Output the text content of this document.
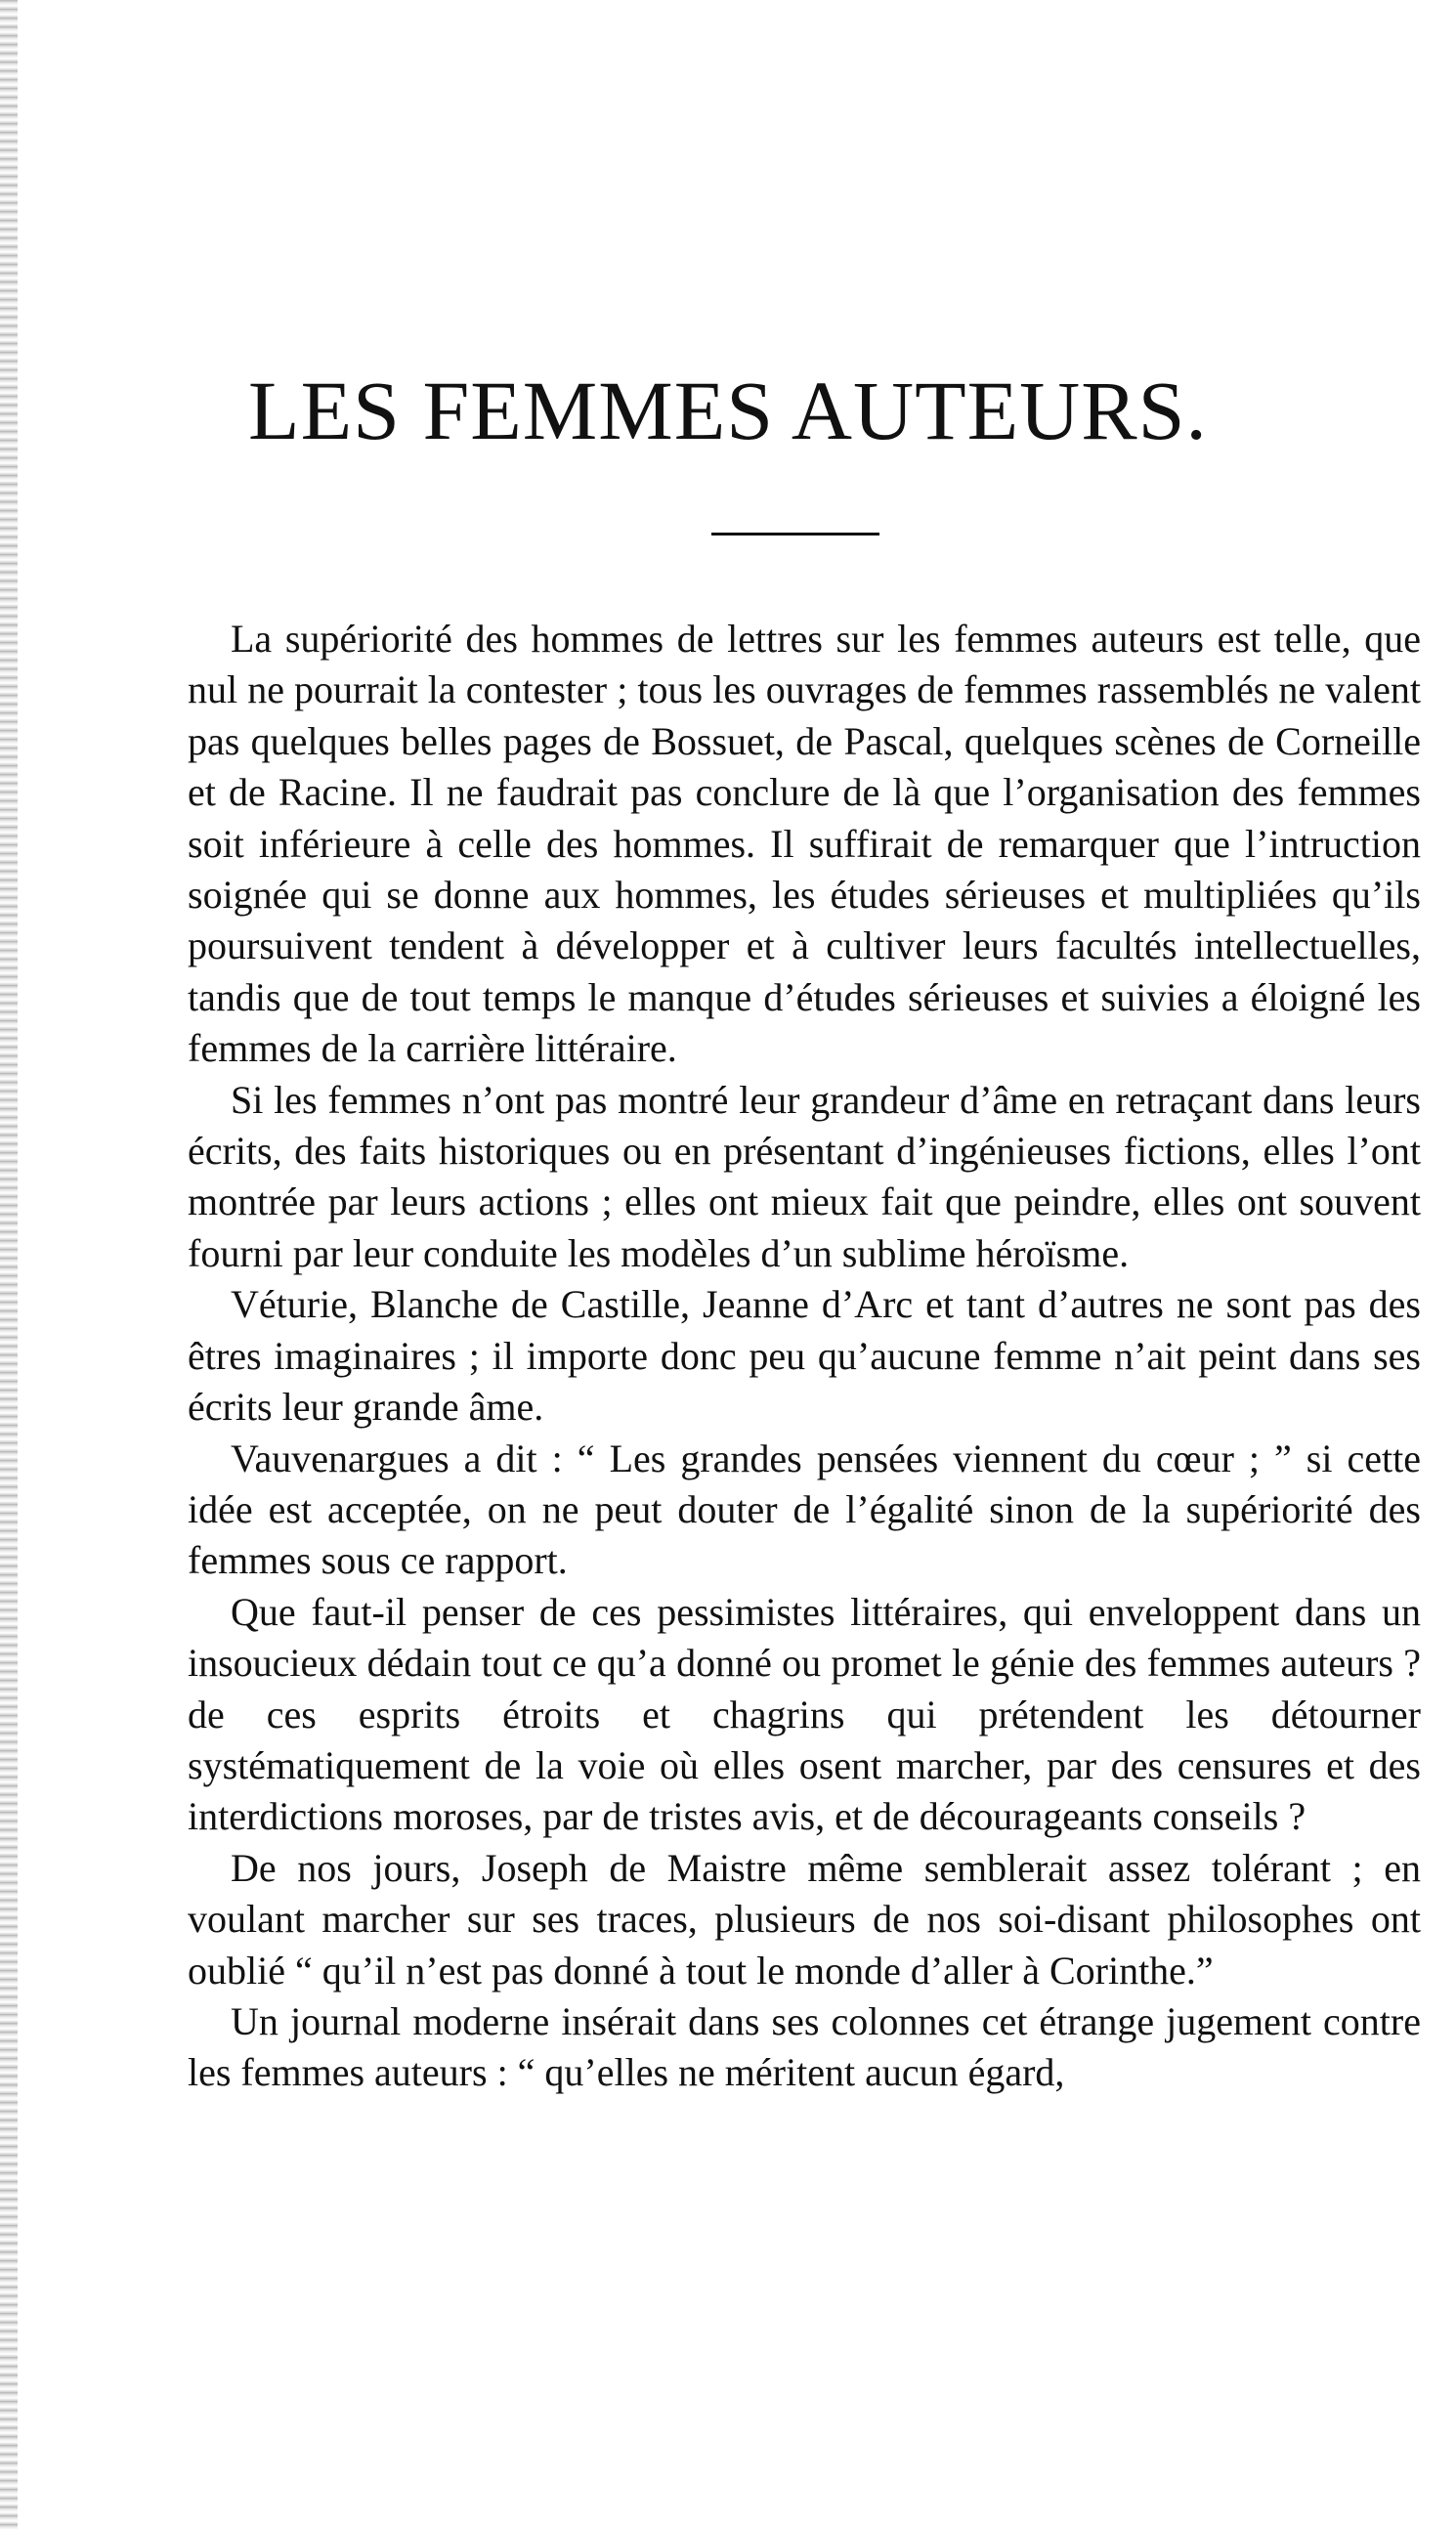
LES FEMMES AUTEURS.

La supériorité des hommes de lettres sur les femmes auteurs est telle, que nul ne pourrait la contester ; tous les ouvrages de femmes rassemblés ne valent pas quelques belles pages de Bossuet, de Pascal, quelques scènes de Corneille et de Racine. Il ne faudrait pas conclure de là que l’organisation des femmes soit inférieure à celle des hommes. Il suffirait de remarquer que l’intruction soignée qui se donne aux hommes, les études sérieuses et multipliées qu’ils poursuivent tendent à développer et à cultiver leurs facultés intellectuelles, tandis que de tout temps le manque d’études sérieuses et suivies a éloigné les femmes de la carrière littéraire.

Si les femmes n’ont pas montré leur grandeur d’âme en retraçant dans leurs écrits, des faits historiques ou en présentant d’ingénieuses fictions, elles l’ont montrée par leurs actions ; elles ont mieux fait que peindre, elles ont souvent fourni par leur conduite les modèles d’un sublime héroïsme.

Véturie, Blanche de Castille, Jeanne d’Arc et tant d’autres ne sont pas des êtres imaginaires ; il importe donc peu qu’aucune femme n’ait peint dans ses écrits leur grande âme.

Vauvenargues a dit : “ Les grandes pensées viennent du cœur ; ” si cette idée est acceptée, on ne peut douter de l’égalité sinon de la supériorité des femmes sous ce rapport.

Que faut-il penser de ces pessimistes littéraires, qui enveloppent dans un insoucieux dédain tout ce qu’a donné ou promet le génie des femmes auteurs ? de ces esprits étroits et chagrins qui prétendent les détourner systématiquement de la voie où elles osent marcher, par des censures et des interdictions moroses, par de tristes avis, et de décourageants conseils ?

De nos jours, Joseph de Maistre même semblerait assez tolérant ; en voulant marcher sur ses traces, plusieurs de nos soi-disant philosophes ont oublié “ qu’il n’est pas donné à tout le monde d’aller à Corinthe.”

Un journal moderne insérait dans ses colonnes cet étrange jugement contre les femmes auteurs : “ qu’elles ne méritent aucun égard,
